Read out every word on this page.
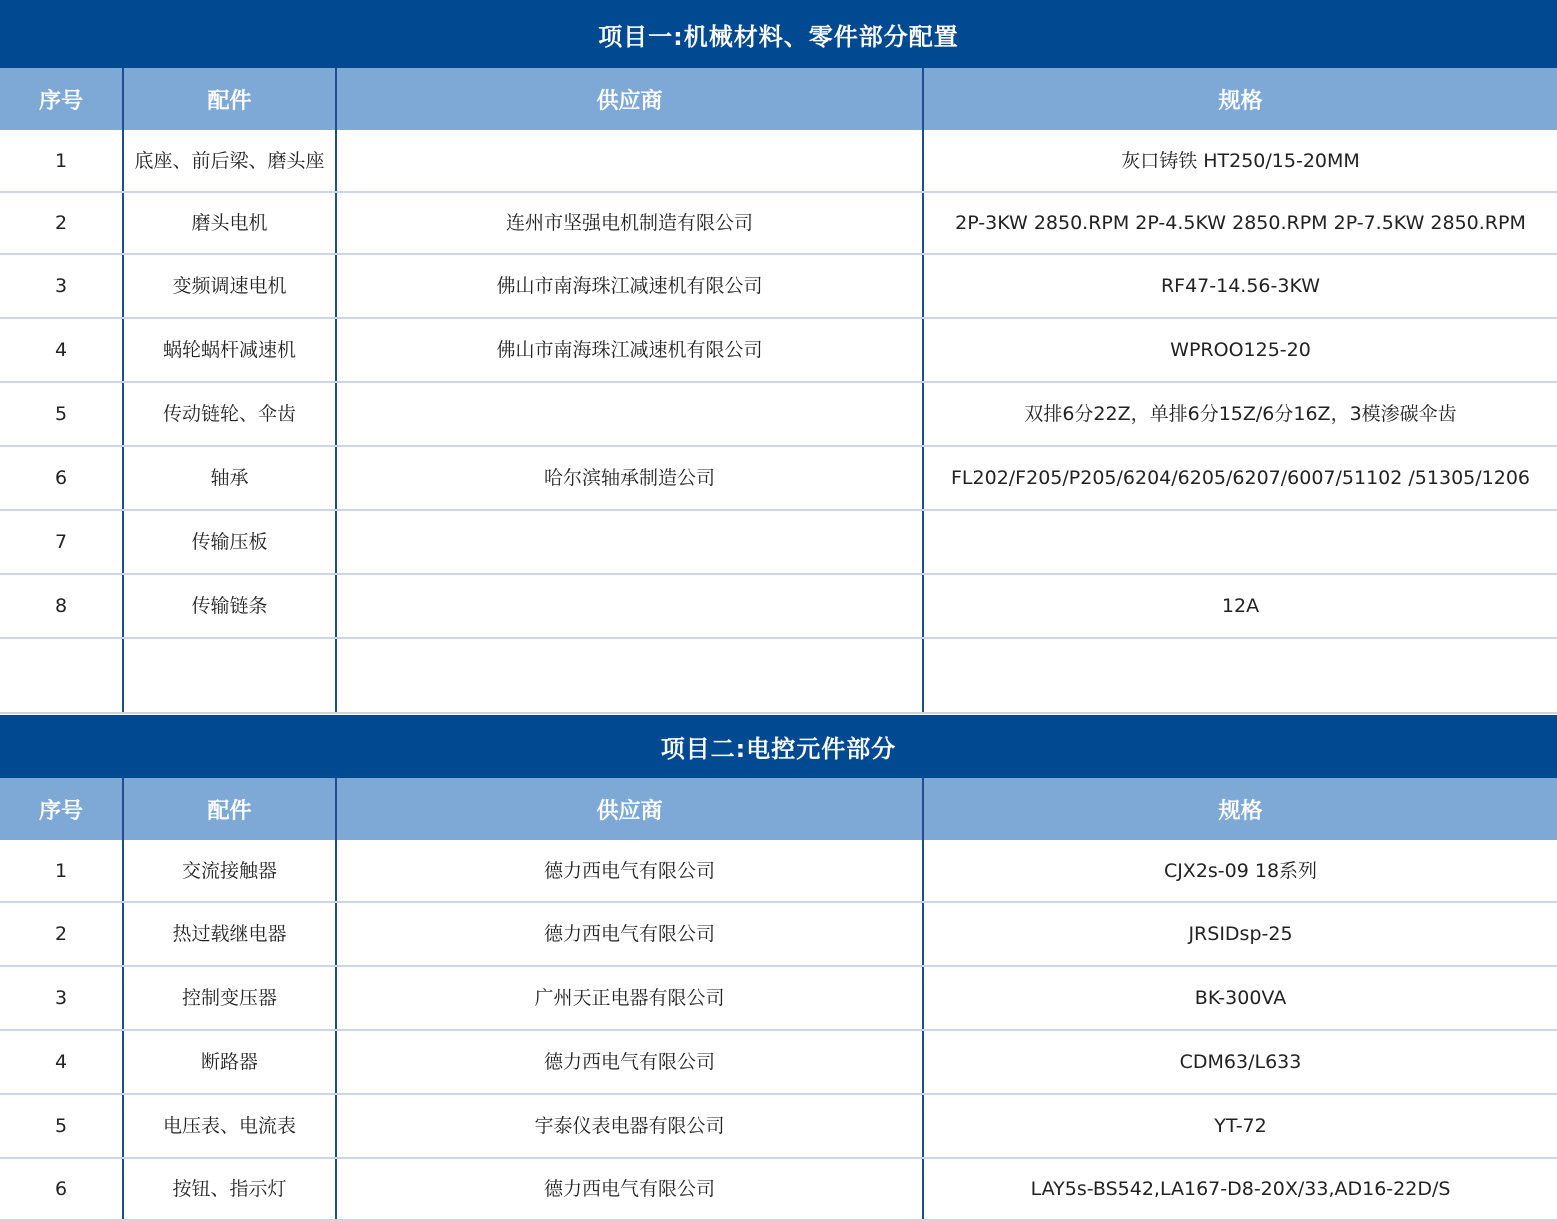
项目一:机械材料、零件部分配置
序号	配件	供应商	规格
1	底座、前后梁、磨头座		灰口铸铁 HT250/15-20MM
2	磨头电机	连州市坚强电机制造有限公司	2P-3KW 2850.RPM 2P-4.5KW 2850.RPM 2P-7.5KW 2850.RPM
3	变频调速电机	佛山市南海珠江减速机有限公司	RF47-14.56-3KW
4	蜗轮蜗杆减速机	佛山市南海珠江减速机有限公司	WPROO125-20
5	传动链轮、伞齿		双排6分22Z，单排6分15Z/6分16Z，3模渗碳伞齿
6	轴承	哈尔滨轴承制造公司	FL202/F205/P205/6204/6205/6207/6007/51102 /51305/1206
7	传输压板		
8	传输链条		12A

项目二:电控元件部分
序号	配件	供应商	规格
1	交流接触器	德力西电气有限公司	CJX2s-09 18系列
2	热过载继电器	德力西电气有限公司	JRSIDsp-25
3	控制变压器	广州天正电器有限公司	BK-300VA
4	断路器	德力西电气有限公司	CDM63/L633
5	电压表、电流表	宇泰仪表电器有限公司	YT-72
6	按钮、指示灯	德力西电气有限公司	LAY5s-BS542,LA167-D8-20X/33,AD16-22D/S
